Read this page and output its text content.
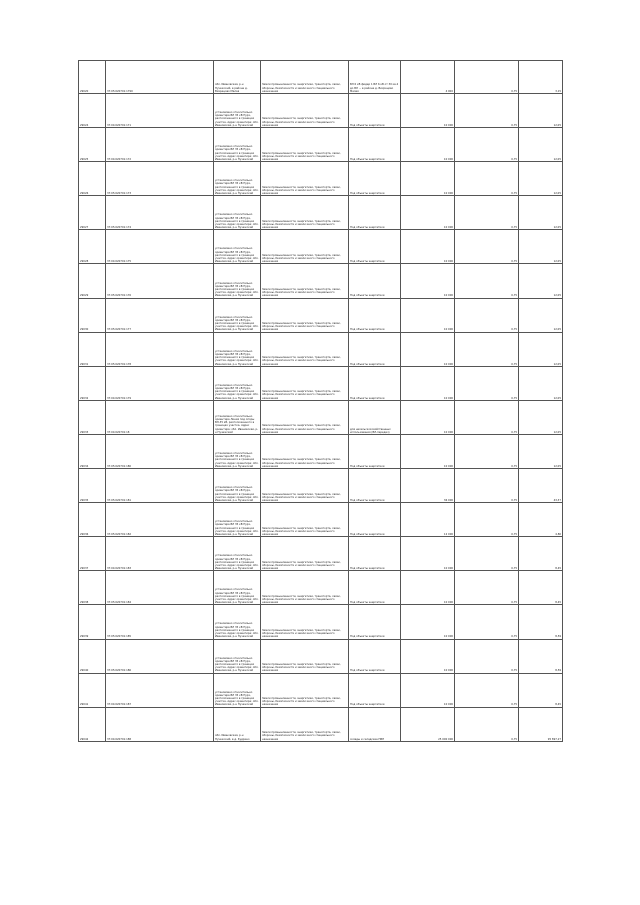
29020	37:05:020701:1790	обл. Ивановская, р-н Пучежский, в районе д. Вихрецово Малая	Земли промышленности, энергетики, транспорта, связи, обороны, безопасности и земли иного специального назначения	ВЛ 6 кВ фидер 1 ВЛ 6 кВ от 30 кв.2 до ВЛ ... в районе д. Вихрецово Малая	4 000	0,75	3,15
29024	37:04:020701:171	установлено относительно ориентира ВЛ 35 кВ Пурх, расположенного в границах участка. Адрес ориентира: обл. Ивановская, р-н Пучежский	Земли промышленности, энергетики, транспорта, связи, обороны, безопасности и земли иного специального назначения	Под объекты энергетики	10 000	0,75	12,05
29025	37:04:020701:172	установлено относительно ориентира ВЛ 35 кВ Пурх, расположенного в границах участка. Адрес ориентира: обл. Ивановская, р-н Пучежский	Земли промышленности, энергетики, транспорта, связи, обороны, безопасности и земли иного специального назначения	Под объекты энергетики	10 000	0,75	12,05
29026	37:05:020701:173	установлено относительно ориентира ВЛ 35 кВ Пурх, расположенного в границах участка. Адрес ориентира: обл. Ивановская, р-н Пучежский	Земли промышленности, энергетики, транспорта, связи, обороны, безопасности и земли иного специального назначения	Под объекты энергетики	10 000	0,75	12,05
29027	37:05:020701:174	установлено относительно ориентира ВЛ 35 кВ Пурх, расположенного в границах участка. Адрес ориентира: обл. Ивановская, р-н Пучежский	Земли промышленности, энергетики, транспорта, связи, обороны, безопасности и земли иного специального назначения	Под объекты энергетики	10 000	0,75	12,05
29028	37:04:020701:175	установлено относительно ориентира ВЛ 35 кВ Пурх, расположенного в границах участка. Адрес ориентира: обл. Ивановская, р-н Пучежский	Земли промышленности, энергетики, транспорта, связи, обороны, безопасности и земли иного специального назначения	Под объекты энергетики	10 000	0,75	12,05
29029	37:05:020701:176	установлено относительно ориентира ВЛ 35 кВ Пурх, расположенного в границах участка. Адрес ориентира: обл. Ивановская, р-н Пучежский	Земли промышленности, энергетики, транспорта, связи, обороны, безопасности и земли иного специального назначения	Под объекты энергетики	10 000	0,75	12,05
29030	37:05:020701:177	установлено относительно ориентира ВЛ 35 кВ Пурх, расположенного в границах участка. Адрес ориентира: обл. Ивановская, р-н Пучежский	Земли промышленности, энергетики, транспорта, связи, обороны, безопасности и земли иного специального назначения	Под объекты энергетики	10 000	0,75	12,05
29031	37:05:020701:178	установлено относительно ориентира ВЛ 35 кВ Пурх, расположенного в границах участка. Адрес ориентира: обл. Ивановская, р-н Пучежский	Земли промышленности, энергетики, транспорта, связи, обороны, безопасности и земли иного специального назначения	Под объекты энергетики	10 000	0,75	12,05
29032	37:04:020701:179	установлено относительно ориентира ВЛ 35 кВ Пурх, расположенного в границах участка. Адрес ориентира: обл. Ивановская, р-н Пучежский	Земли промышленности, энергетики, транспорта, связи, обороны, безопасности и земли иного специального назначения	Под объекты энергетики	10 000	0,75	12,05
29033	37:04:020701:18	установлено относительно ориентира Линия под опоры ВЛ-35 кВ, расположенного в границах участка. Адрес ориентира: обл. Ивановская, р-н Пучежский	Земли промышленности, энергетики, транспорта, связи, обороны, безопасности и земли иного специального назначения	для несельскохозяйственных использования (ВЛ-передач)	10 000	0,75	12,05
29034	37:05:020701:180	установлено относительно ориентира ВЛ 35 кВ Пурх, расположенного в границах участка. Адрес ориентира: обл. Ивановская, р-н Пучежский	Земли промышленности, энергетики, транспорта, связи, обороны, безопасности и земли иного специального назначения	Под объекты энергетики	10 000	0,75	12,05
29035	37:05:020701:181	установлено относительно ориентира ВЛ 35 кВ Пурх, расположенного в границах участка. Адрес ориентира: обл. Ивановская, р-н Пучежский	Земли промышленности, энергетики, транспорта, связи, обороны, безопасности и земли иного специального назначения	Под объекты энергетики	36 000	0,75	43,37
29036	37:05:020701:182	установлено относительно ориентира ВЛ 35 кВ Пурх, расположенного в границах участка. Адрес ориентира: обл. Ивановская, р-н Пучежский	Земли промышленности, энергетики, транспорта, связи, обороны, безопасности и земли иного специального назначения	Под объекты энергетики	12 000	0,75	4,80
29037	37:04:020701:183	установлено относительно ориентира ВЛ 35 кВ Пурх, расположенного в границах участка. Адрес ориентира: обл. Ивановская, р-н Пучежский	Земли промышленности, энергетики, транспорта, связи, обороны, безопасности и земли иного специального назначения	Под объекты энергетики	10 000	0,75	8,45
29038	37:05:020701:184	установлено относительно ориентира ВЛ 35 кВ Пурх, расположенного в границах участка. Адрес ориентира: обл. Ивановская, р-н Пучежский	Земли промышленности, энергетики, транспорта, связи, обороны, безопасности и земли иного специального назначения	Под объекты энергетики	10 000	0,75	8,45
29039	37:05:020701:185	установлено относительно ориентира ВЛ 35 кВ Пурх, расположенного в границах участка. Адрес ориентира: обл. Ивановская, р-н Пучежский	Земли промышленности, энергетики, транспорта, связи, обороны, безопасности и земли иного специального назначения	Под объекты энергетики	10 000	0,75	8,59
29040	37:05:020701:186	установлено относительно ориентира ВЛ 35 кВ Пурх, расположенного в границах участка. Адрес ориентира: обл. Ивановская, р-н Пучежский	Земли промышленности, энергетики, транспорта, связи, обороны, безопасности и земли иного специального назначения	Под объекты энергетики	10 000	0,75	8,59
29041	37:04:020701:187	установлено относительно ориентира ВЛ 35 кВ Пурх, расположенного в границах участка. Адрес ориентира: обл. Ивановская, р-н Пучежский	Земли промышленности, энергетики, транспорта, связи, обороны, безопасности и земли иного специального назначения	Под объекты энергетики	10 000	0,75	8,45
29042	37:04:020701:188	обл. Ивановская, р-н Пучежский, в д. Кудрино	Земли промышленности, энергетики, транспорта, связи, обороны, безопасности и земли иного специального назначения	склады и складские НБП	25 000 000	0,75	95 897,27
